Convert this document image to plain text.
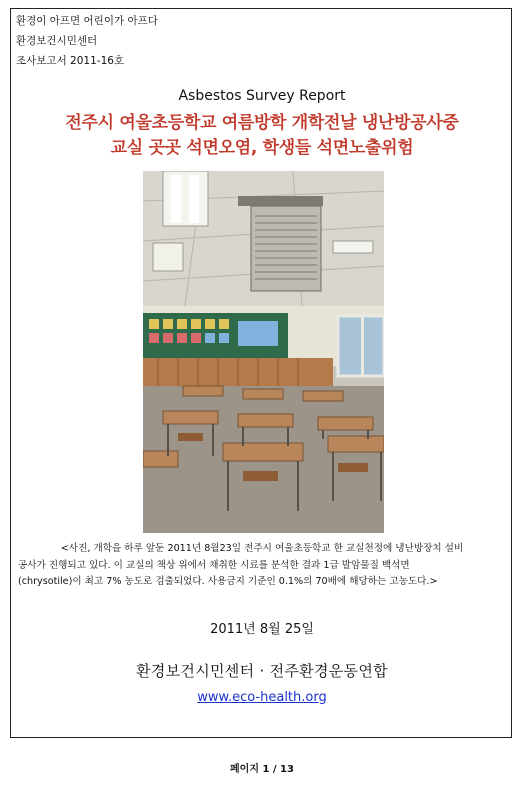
환경이 아프면 어린이가 아프다
환경보건시민센터
조사보고서 2011-16호
Asbestos Survey Report
전주시 여울초등학교 여름방학 개학전날 냉난방공사중
교실 곳곳 석면오염, 학생들 석면노출위험
<사진, 개학을 하루 앞둔 2011년 8월23일 전주시 여울초등학교 한 교실천정에 냉난방장치 설비
공사가 진행되고 있다. 이 교실의 책상 위에서 채취한 시료를 분석한 결과 1급 발암물질 백석면
(chrysotile)이 최고 7% 농도로 검출되었다. 사용금지 기준인 0.1%의 70배에 해당하는 고농도다.>
2011년 8월 25일
환경보건시민센터 · 전주환경운동연합
www.eco-health.org
페이지 1 / 13
